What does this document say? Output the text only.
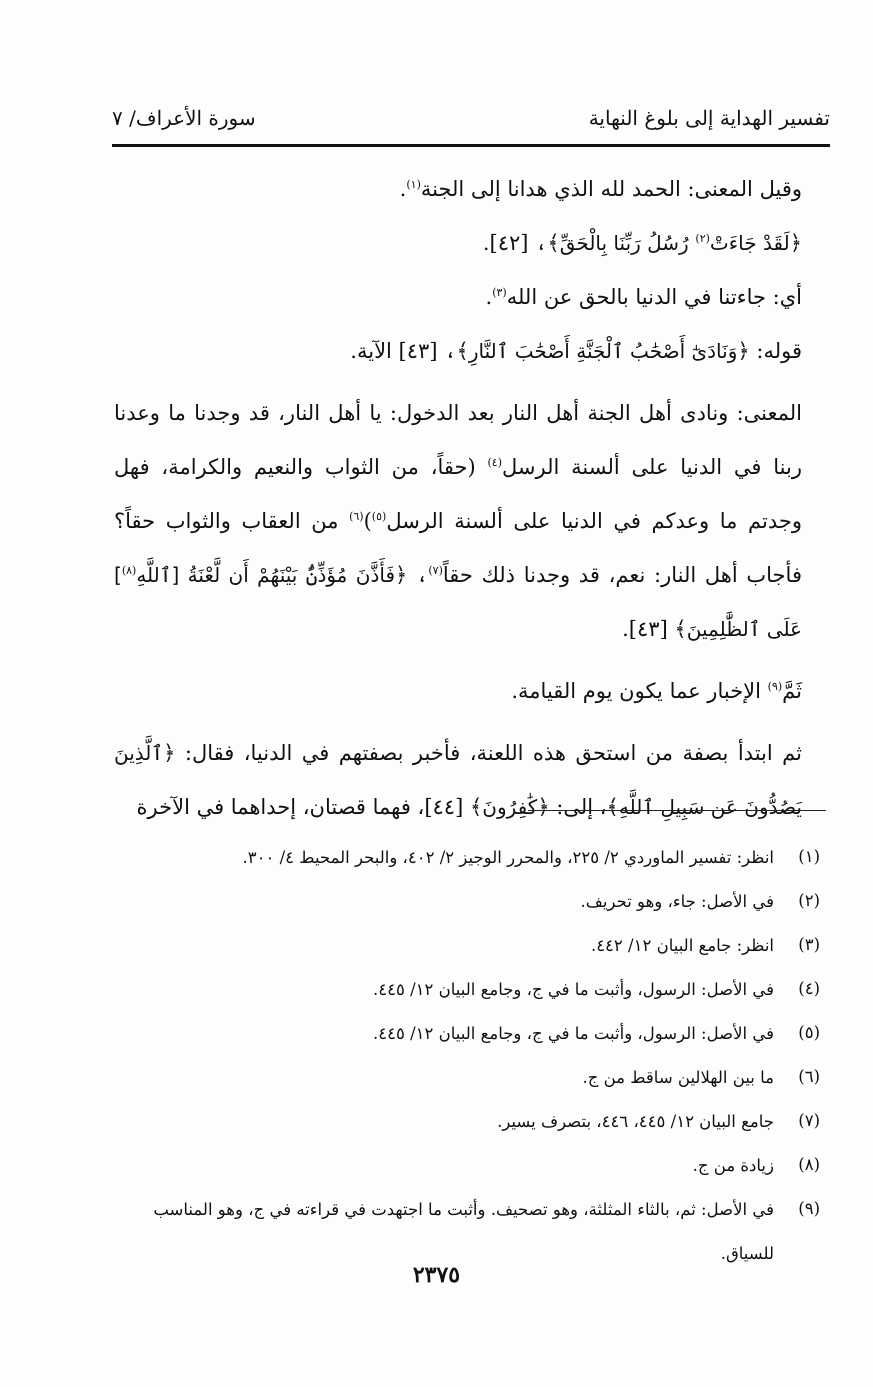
تفسير الهداية إلى بلوغ النهاية
سورة الأعراف/ ٧

وقيل المعنى: الحمد لله الذي هدانا إلى الجنة$^{(١)}$.

﴿لَقَدْ جَاءَتْ$^{(٢)}$ رُسُلُ رَبِّنَا بِالْحَقِّ﴾، [٤٢].

أي: جاءتنا في الدنيا بالحق عن الله$^{(٣)}$.

قوله: ﴿وَنَادَىٰٓ أَصْحَٰبُ ٱلْجَنَّةِ أَصْحَٰبَ ٱلنَّارِ﴾، [٤٣] الآية.

المعنى: ونادى أهل الجنة أهل النار بعد الدخول: يا أهل النار، قد وجدنا ما وعدنا ربنا في الدنيا على ألسنة الرسل$^{(٤)}$ (حقاً، من الثواب والنعيم والكرامة، فهل وجدتم ما وعدكم في الدنيا على ألسنة الرسل$^{(٥)}$)$^{(٦)}$ من العقاب والثواب حقاً؟ فأجاب أهل النار: نعم، قد وجدنا ذلك حقاً$^{(٧)}$، ﴿فَأَذَّنَ مُؤَذِّنٌۢ بَيْنَهُمْ أَن لَّعْنَةُ [ٱللَّهِ$^{(٨)}$] عَلَى ٱلظَّٰلِمِينَ﴾ [٤٣].

ثَمَّ$^{(٩)}$ الإخبار عما يكون يوم القيامة.

ثم ابتدأ بصفة من استحق هذه اللعنة، فأخبر بصفتهم في الدنيا، فقال: ﴿ٱلَّذِينَ يَصُدُّونَ عَن سَبِيلِ ٱللَّهِ﴾، إلى: ﴿كَٰفِرُونَ﴾ [٤٤]، فهما قصتان، إحداهما في الآخرة

(١)
انظر: تفسير الماوردي ٢/ ٢٢٥، والمحرر الوجيز ٢/ ٤٠٢، والبحر المحيط ٤/ ٣٠٠.
(٢)
في الأصل: جاء، وهو تحريف.
(٣)
انظر: جامع البيان ١٢/ ٤٤٢.
(٤)
في الأصل: الرسول، وأثبت ما في ج، وجامع البيان ١٢/ ٤٤٥.
(٥)
في الأصل: الرسول، وأثبت ما في ج، وجامع البيان ١٢/ ٤٤٥.
(٦)
ما بين الهلالين ساقط من ج.
(٧)
جامع البيان ١٢/ ٤٤٥، ٤٤٦، بتصرف يسير.
(٨)
زيادة من ج.
(٩)
في الأصل: ثم، بالثاء المثلثة، وهو تصحيف. وأثبت ما اجتهدت في قراءته في ج، وهو المناسب للسياق.
٢٣٧٥
